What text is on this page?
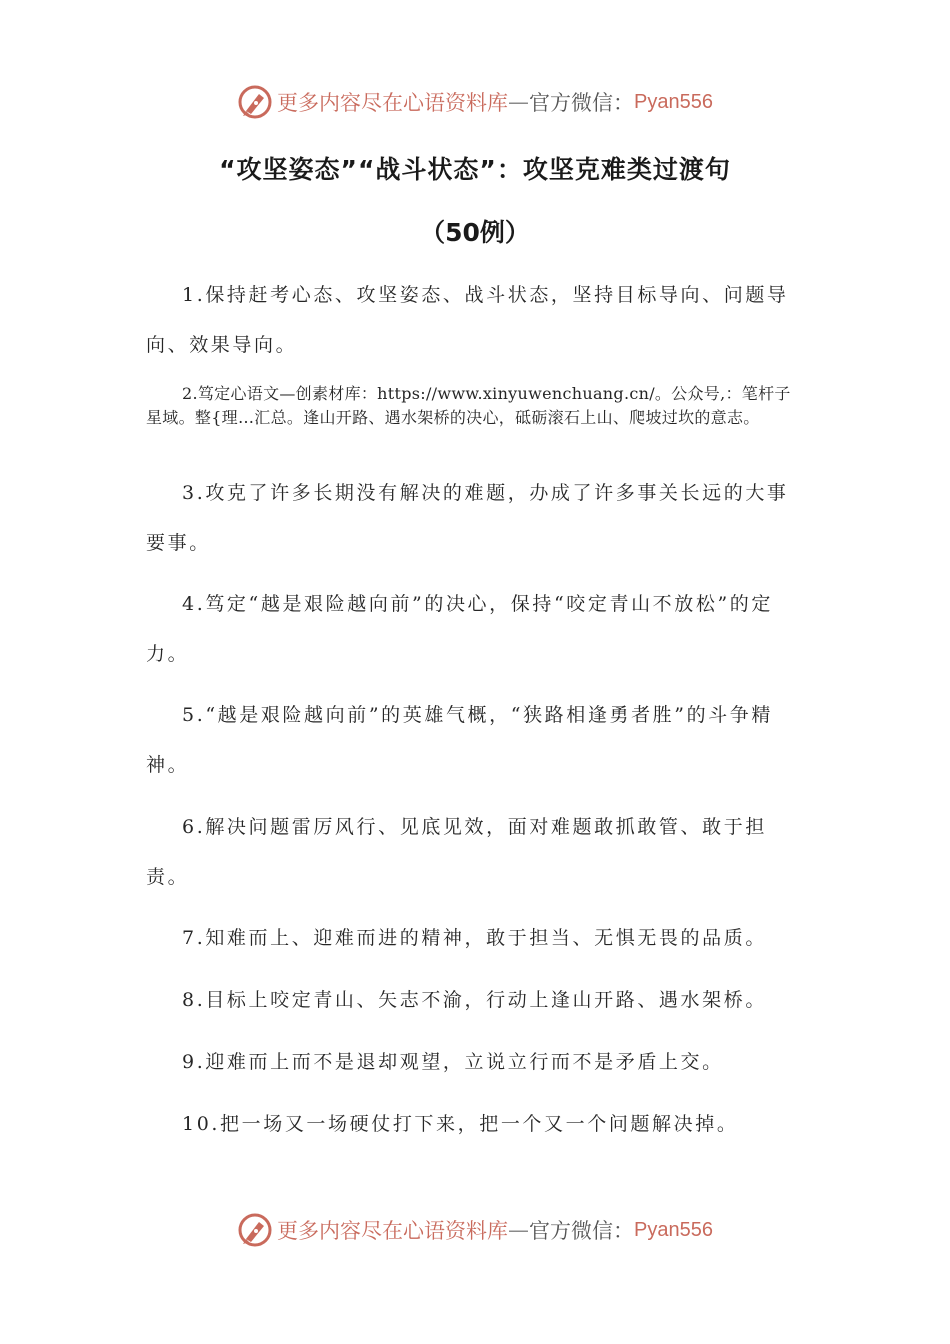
更多内容尽在心语资料库 — 官方微信： Pyan556
“攻坚姿态”“战斗状态”：攻坚克难类过渡句
（50例）

1.保持赶考心态、攻坚姿态、战斗状态，坚持目标导向、问题导向、效果导向。

2.笃定心语文—创素材库：https://www.xinyuwenchuang.cn/。公众号,：笔杆子星域。整{理…汇总。逢山开路、遇水架桥的决心，砥砺滚石上山、爬坡过坎的意志。

3.攻克了许多长期没有解决的难题，办成了许多事关长远的大事要事。

4.笃定“越是艰险越向前”的决心，保持“咬定青山不放松”的定力。

5.“越是艰险越向前”的英雄气概，“狭路相逢勇者胜”的斗争精神。

6.解决问题雷厉风行、见底见效，面对难题敢抓敢管、敢于担责。

7.知难而上、迎难而进的精神，敢于担当、无惧无畏的品质。

8.目标上咬定青山、矢志不渝，行动上逢山开路、遇水架桥。

9.迎难而上而不是退却观望，立说立行而不是矛盾上交。

10.把一场又一场硬仗打下来，把一个又一个问题解决掉。

更多内容尽在心语资料库 — 官方微信： Pyan556
